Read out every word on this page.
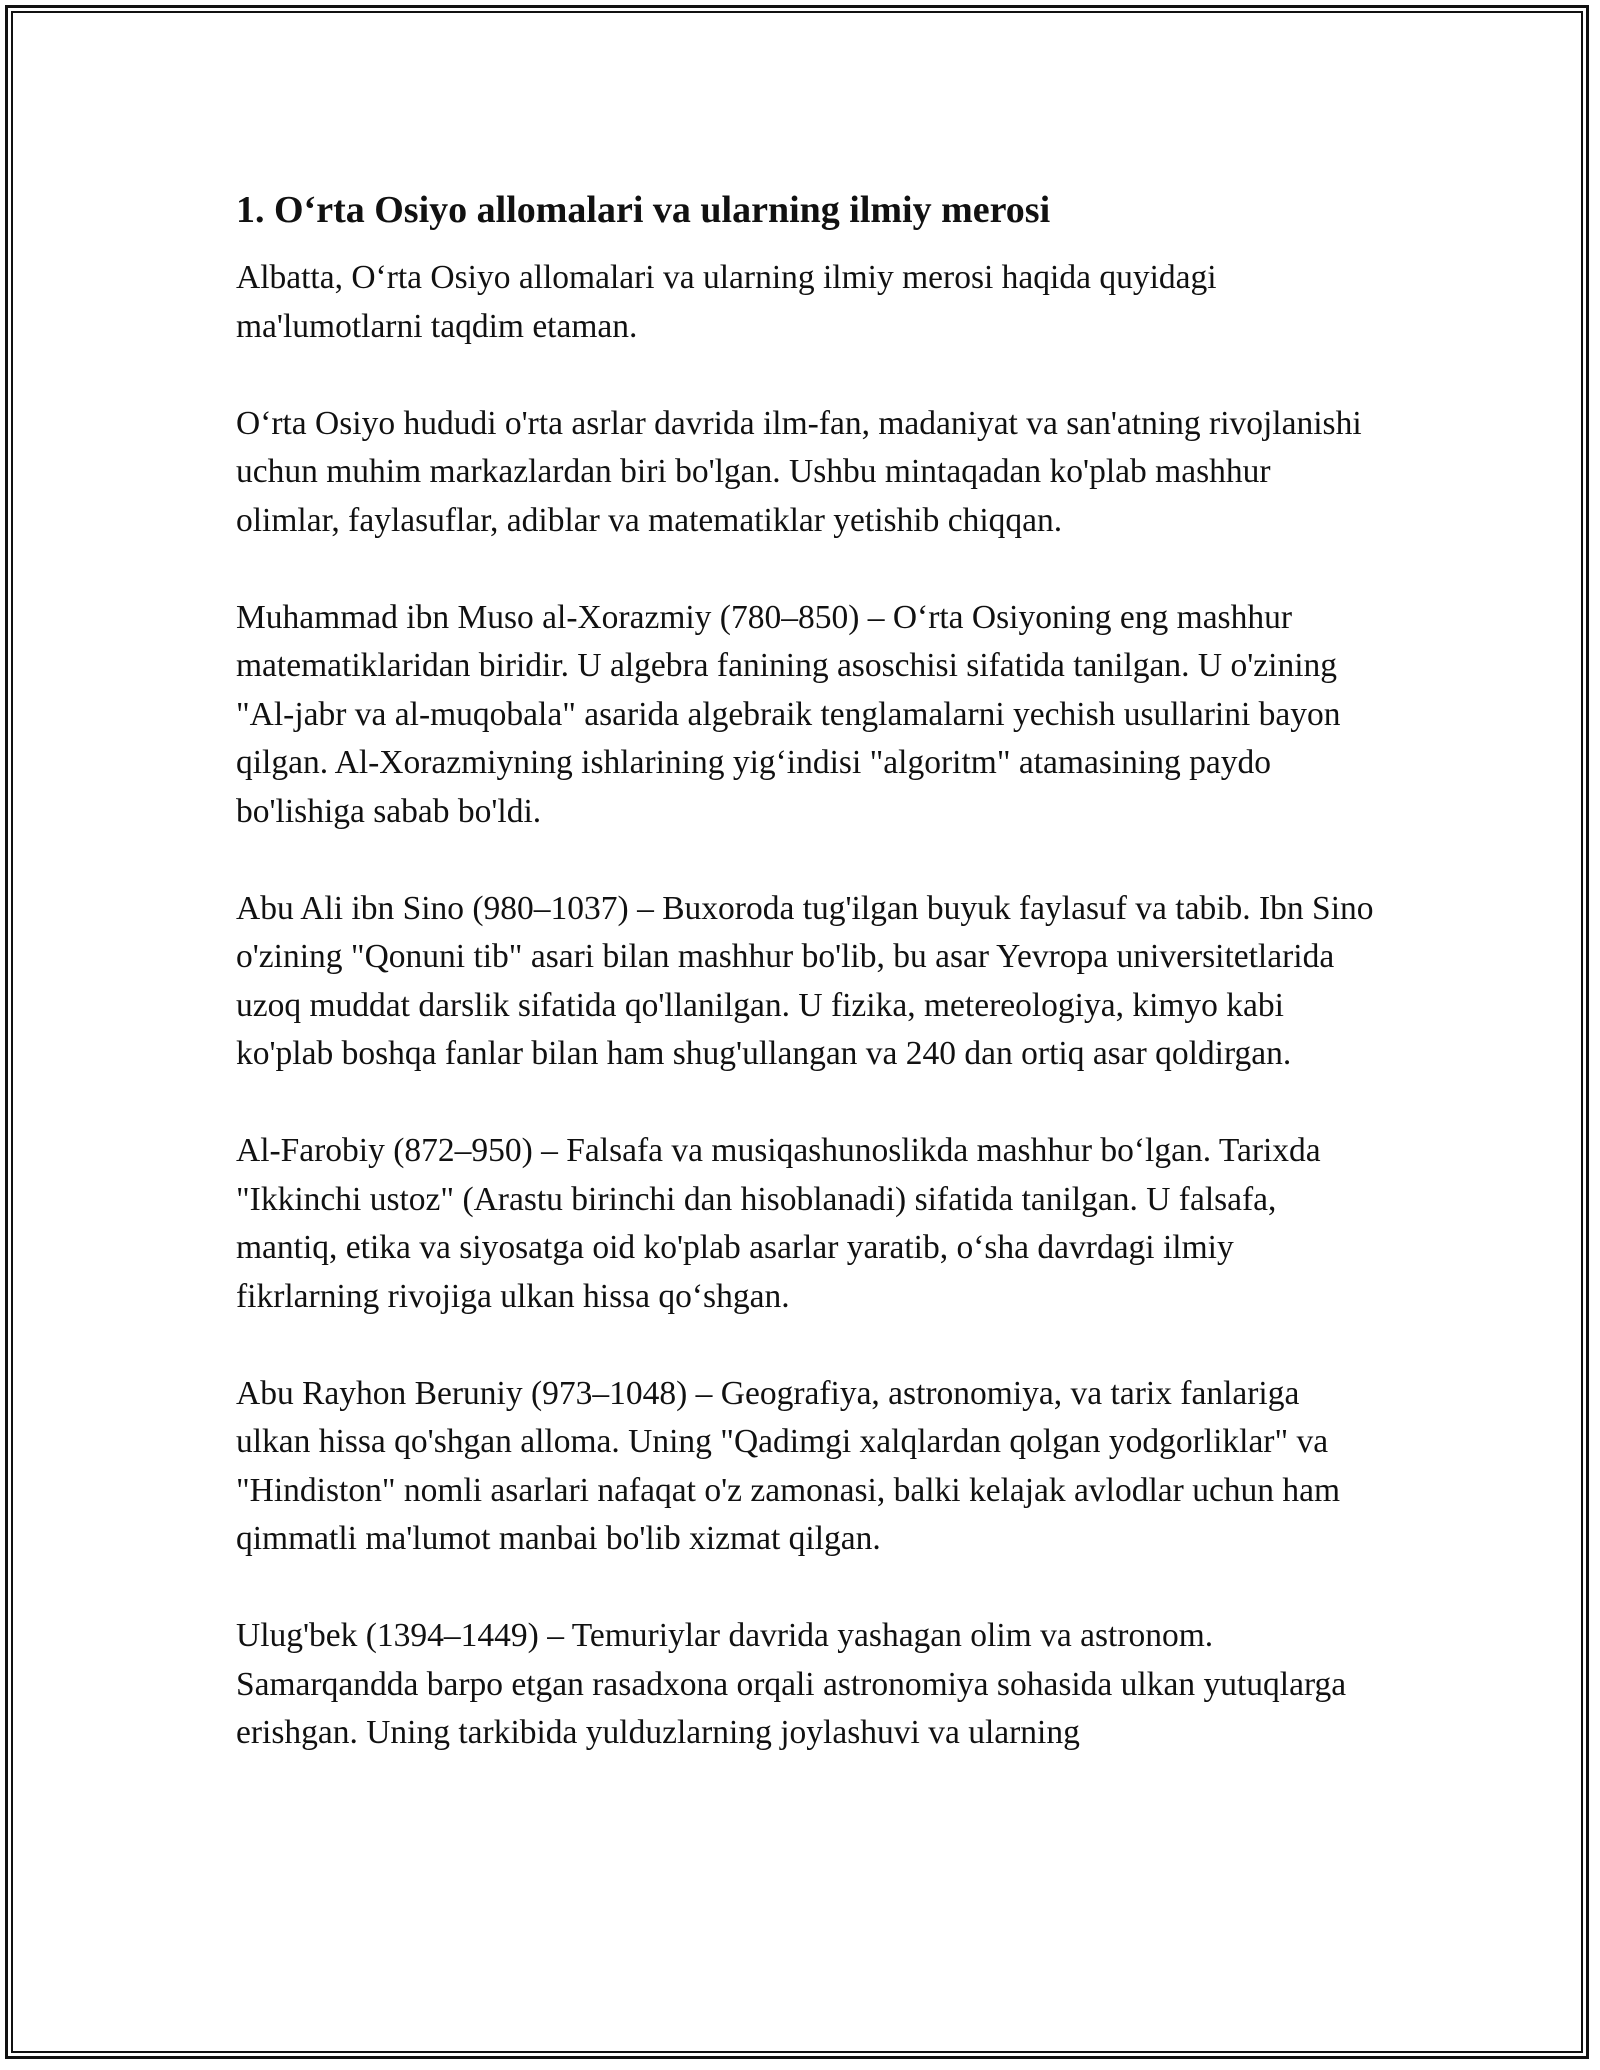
1. O‘rta Osiyo allomalari va ularning ilmiy merosi

Albatta, O‘rta Osiyo allomalari va ularning ilmiy merosi haqida quyidagi ma'lumotlarni taqdim etaman.

O‘rta Osiyo hududi o'rta asrlar davrida ilm-fan, madaniyat va san'atning rivojlanishi uchun muhim markazlardan biri bo'lgan. Ushbu mintaqadan ko'plab mashhur olimlar, faylasuflar, adiblar va matematiklar yetishib chiqqan.

Muhammad ibn Muso al-Xorazmiy (780–850) – O‘rta Osiyoning eng mashhur matematiklaridan biridir. U algebra fanining asoschisi sifatida tanilgan. U o'zining "Al-jabr va al-muqobala" asarida algebraik tenglamalarni yechish usullarini bayon qilgan. Al-Xorazmiyning ishlarining yig‘indisi "algoritm" atamasining paydo bo'lishiga sabab bo'ldi.

Abu Ali ibn Sino (980–1037) – Buxoroda tug'ilgan buyuk faylasuf va tabib. Ibn Sino o'zining "Qonuni tib" asari bilan mashhur bo'lib, bu asar Yevropa universitetlarida uzoq muddat darslik sifatida qo'llanilgan. U fizika, metereologiya, kimyo kabi ko'plab boshqa fanlar bilan ham shug'ullangan va 240 dan ortiq asar qoldirgan.

Al-Farobiy (872–950) – Falsafa va musiqashunoslikda mashhur bo‘lgan. Tarixda "Ikkinchi ustoz" (Arastu birinchi dan hisoblanadi) sifatida tanilgan. U falsafa, mantiq, etika va siyosatga oid ko'plab asarlar yaratib, o‘sha davrdagi ilmiy fikrlarning rivojiga ulkan hissa qo‘shgan.

Abu Rayhon Beruniy (973–1048) – Geografiya, astronomiya, va tarix fanlariga ulkan hissa qo'shgan alloma. Uning "Qadimgi xalqlardan qolgan yodgorliklar" va "Hindiston" nomli asarlari nafaqat o'z zamonasi, balki kelajak avlodlar uchun ham qimmatli ma'lumot manbai bo'lib xizmat qilgan.

Ulug'bek (1394–1449) – Temuriylar davrida yashagan olim va astronom. Samarqandda barpo etgan rasadxona orqali astronomiya sohasida ulkan yutuqlarga erishgan. Uning tarkibida yulduzlarning joylashuvi va ularning
